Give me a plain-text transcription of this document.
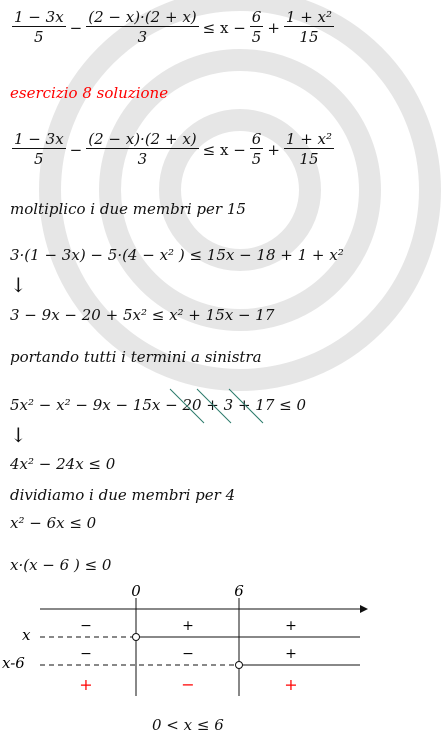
$\frac{1 - 3x}{5} - \frac{(2 - x)\cdot(2 + x)}{3} \le x - \frac{6}{5} + \frac{\text{1 + x²}}{15}$
esercizio 8 soluzione
$\frac{1 - 3x}{5} - \frac{(2 - x)\cdot(2 + x)}{3} \le x - \frac{6}{5} + \frac{\text{1 + x²}}{15}$
moltiplico i due membri per 15
3·(1 − 3x) − 5·(4 − x² ) ≤ 15x − 18 + 1 + x²
↓
3 − 9x − 20 + 5x² ≤ x² + 15x − 17
portando tutti i termini a sinistra
5x² − x² − 9x − 15x − 20 + 3 + 17 ≤ 0
↓
4x² − 24x ≤ 0
dividiamo i due membri per 4
x² − 6x ≤ 0
x·(x − 6 ) ≤ 0
0	6
x
x-6
−	+	+
−	−	+
+	−	+
0 < x ≤ 6
